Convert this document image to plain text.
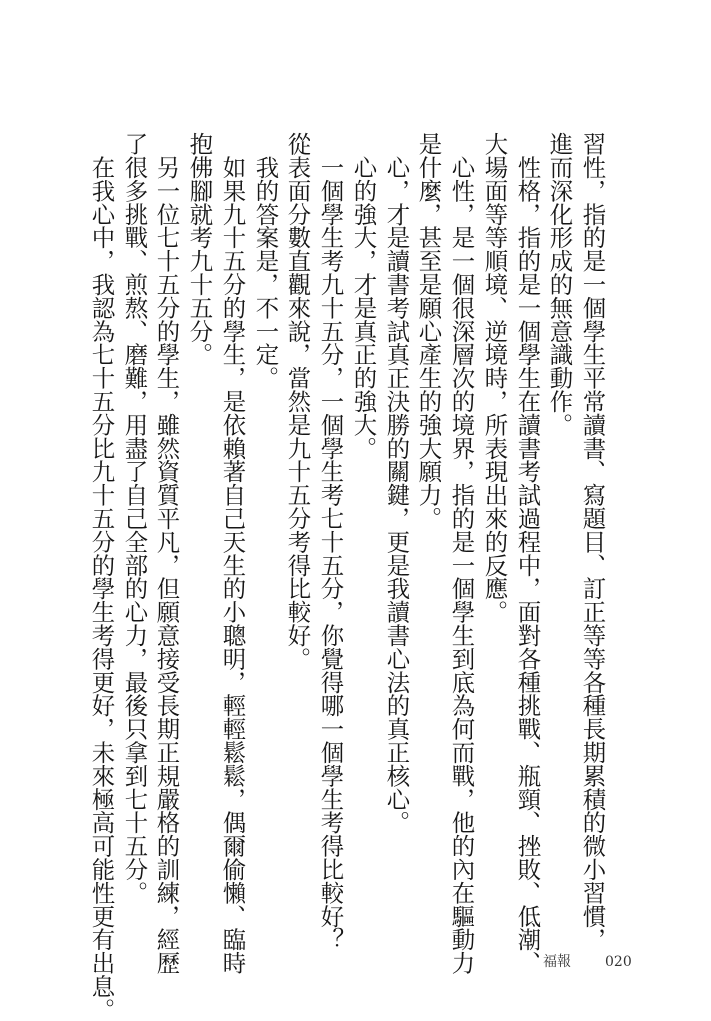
習性，指的是一個學生平常讀書、寫題目、訂正等等各種長期累積的微小習慣，
進而深化形成的無意識動作。
　性格，指的是一個學生在讀書考試過程中，面對各種挑戰、瓶頸、挫敗、低潮、
大場面等等順境、逆境時，所表現出來的反應。
　心性，是一個很深層次的境界，指的是一個學生到底為何而戰，他的內在驅動力
是什麼，甚至是願心產生的強大願力。
　心，才是讀書考試真正決勝的關鍵，更是我讀書心法的真正核心。
　心的強大，才是真正的強大。
　一個學生考九十五分，一個學生考七十五分，你覺得哪一個學生考得比較好？
從表面分數直觀來說，當然是九十五分考得比較好。
　我的答案是，不一定。
　如果九十五分的學生，是依賴著自己天生的小聰明，輕輕鬆鬆，偶爾偷懶、臨時
抱佛腳就考九十五分。
　另一位七十五分的學生，雖然資質平凡，但願意接受長期正規嚴格的訓練，經歷
了很多挑戰、煎熬、磨難，用盡了自己全部的心力，最後只拿到七十五分。
　在我心中，我認為七十五分比九十五分的學生考得更好，未來極高可能性更有出息。	福報 020
